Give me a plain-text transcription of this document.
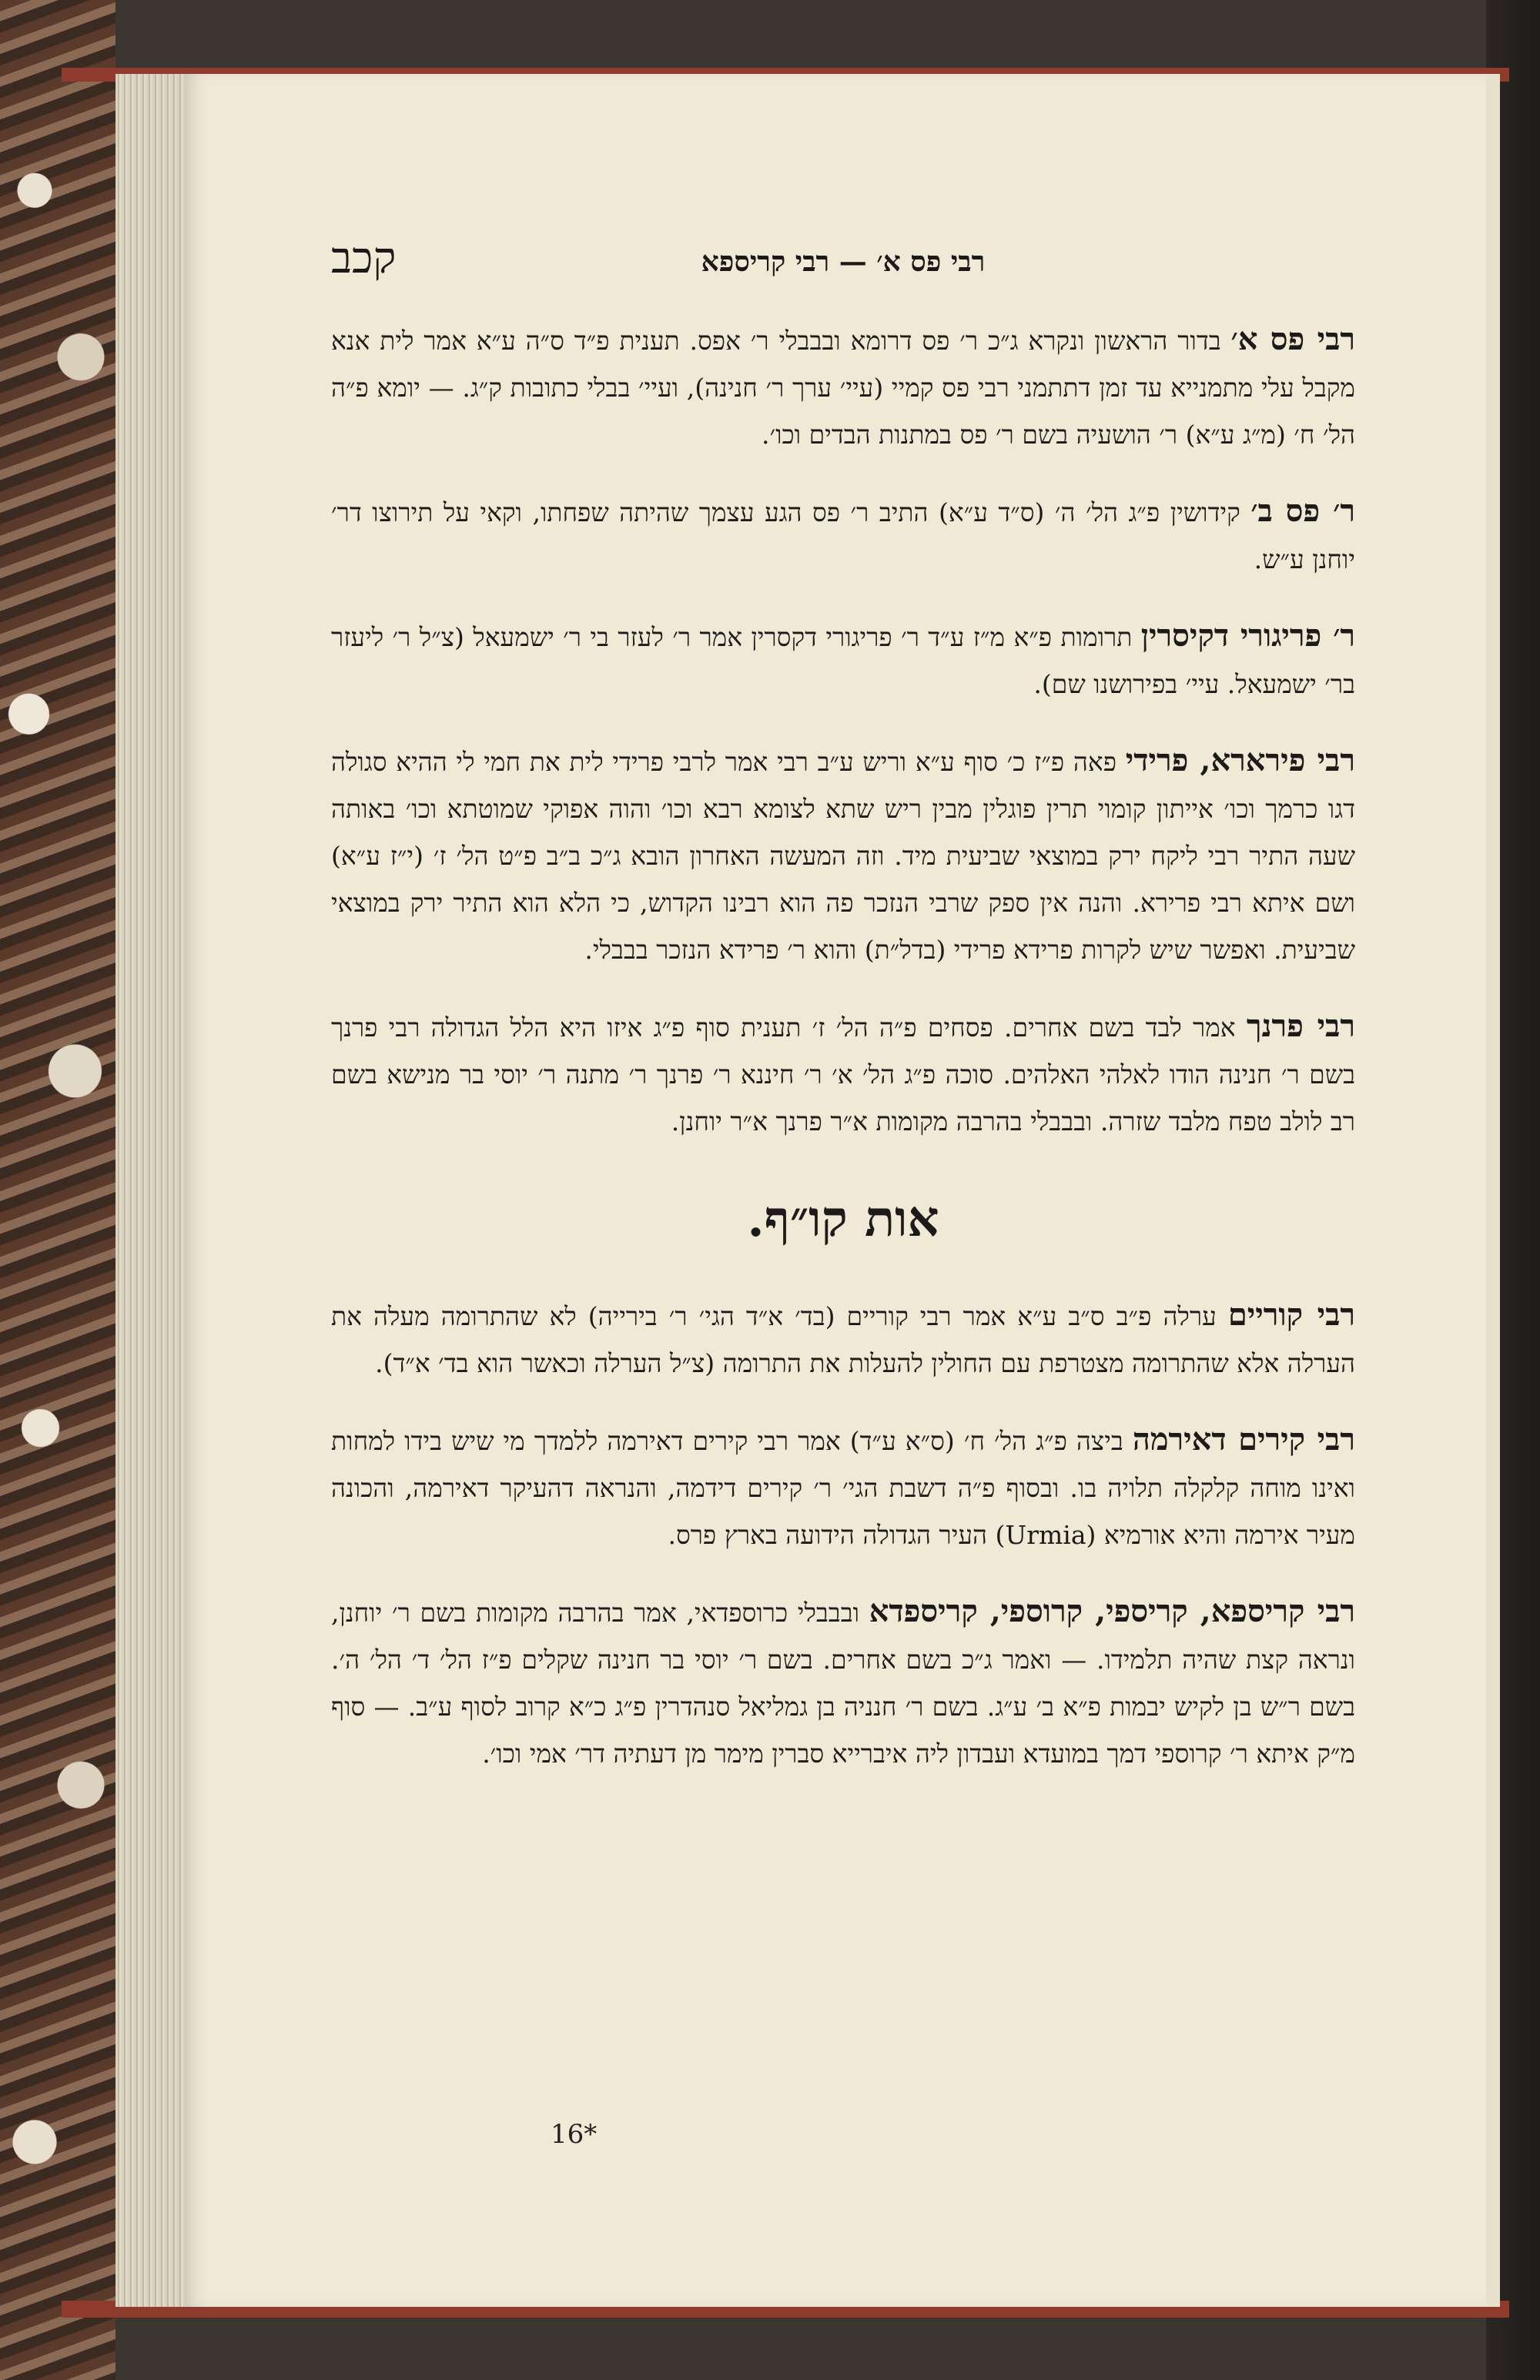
רבי פס א׳ — רבי קריספא
קכב

רבי פס א׳ בדור הראשון ונקרא ג״כ ר׳ פס דרומא ובבבלי ר׳ אפס. תענית פ״ד ס״ה ע״א אמר לית אנא מקבל עלי מתמנייא עד זמן דתתמני רבי פס קמיי (עיי׳ ערך ר׳ חנינה), ועיי׳ בבלי כתובות ק״ג. — יומא פ״ה הל׳ ח׳ (מ״ג ע״א) ר׳ הושעיה בשם ר׳ פס במתנות הבדים וכו׳.

ר׳ פס ב׳ קידושין פ״ג הל׳ ה׳ (ס״ד ע״א) התיב ר׳ פס הגע עצמך שהיתה שפחתו, וקאי על תירוצו דר׳ יוחנן ע״ש.

ר׳ פריגורי דקיסרין תרומות פ״א מ״ז ע״ד ר׳ פריגורי דקסרין אמר ר׳ לעזר בי ר׳ ישמעאל (צ״ל ר׳ ליעזר בר׳ ישמעאל. עיי׳ בפירושנו שם).

רבי פירארא, פרידי פאה פ״ז כ׳ סוף ע״א וריש ע״ב רבי אמר לרבי פרידי לית את חמי לי ההיא סגולה דגו כרמך וכו׳ אייתון קומוי תרין פוגלין מבין ריש שתא לצומא רבא וכו׳ והוה אפוקי שמוטתא וכו׳ באותה שעה התיר רבי ליקח ירק במוצאי שביעית מיד. וזה המעשה האחרון הובא ג״כ ב״ב פ״ט הל׳ ז׳ (י״ז ע״א) ושם איתא רבי פרירא. והנה אין ספק שרבי הנזכר פה הוא רבינו הקדוש, כי הלא הוא התיר ירק במוצאי שביעית. ואפשר שיש לקרות פרידא פרידי (בדל״ת) והוא ר׳ פרידא הנזכר בבבלי.

רבי פרנך אמר לבד בשם אחרים. פסחים פ״ה הל׳ ז׳ תענית סוף פ״ג איזו היא הלל הגדולה רבי פרנך בשם ר׳ חנינה הודו לאלהי האלהים. סוכה פ״ג הל׳ א׳ ר׳ חיננא ר׳ פרנך ר׳ מתנה ר׳ יוסי בר מנישא בשם רב לולב טפח מלבד שזרה. ובבבלי בהרבה מקומות א״ר פרנך א״ר יוחנן.

אות קו״ף.

רבי קוריים ערלה פ״ב ס״ב ע״א אמר רבי קוריים (בד׳ א״ד הגי׳ ר׳ בירייה) לא שהתרומה מעלה את הערלה אלא שהתרומה מצטרפת עם החולין להעלות את התרומה (צ״ל הערלה וכאשר הוא בד׳ א״ד).

רבי קירים דאירמה ביצה פ״ג הל׳ ח׳ (ס״א ע״ד) אמר רבי קירים דאירמה ללמדך מי שיש בידו למחות ואינו מוחה קלקלה תלויה בו. ובסוף פ״ה דשבת הגי׳ ר׳ קירים דידמה, והנראה דהעיקר דאירמה, והכונה מעיר אירמה והיא אורמיא (Urmia) העיר הגדולה הידועה בארץ פרס.

רבי קריספא, קריספי, קרוספי, קריספדא ובבבלי כרוספדאי, אמר בהרבה מקומות בשם ר׳ יוחנן, ונראה קצת שהיה תלמידו. — ואמר ג״כ בשם אחרים. בשם ר׳ יוסי בר חנינה שקלים פ״ז הל׳ ד׳ הל׳ ה׳. בשם ר״ש בן לקיש יבמות פ״א ב׳ ע״ג. בשם ר׳ חנניה בן גמליאל סנהדרין פ״ג כ״א קרוב לסוף ע״ב. — סוף מ״ק איתא ר׳ קרוספי דמך במועדא ועבדון ליה איברייא סברין מימר מן דעתיה דר׳ אמי וכו׳.

16*
